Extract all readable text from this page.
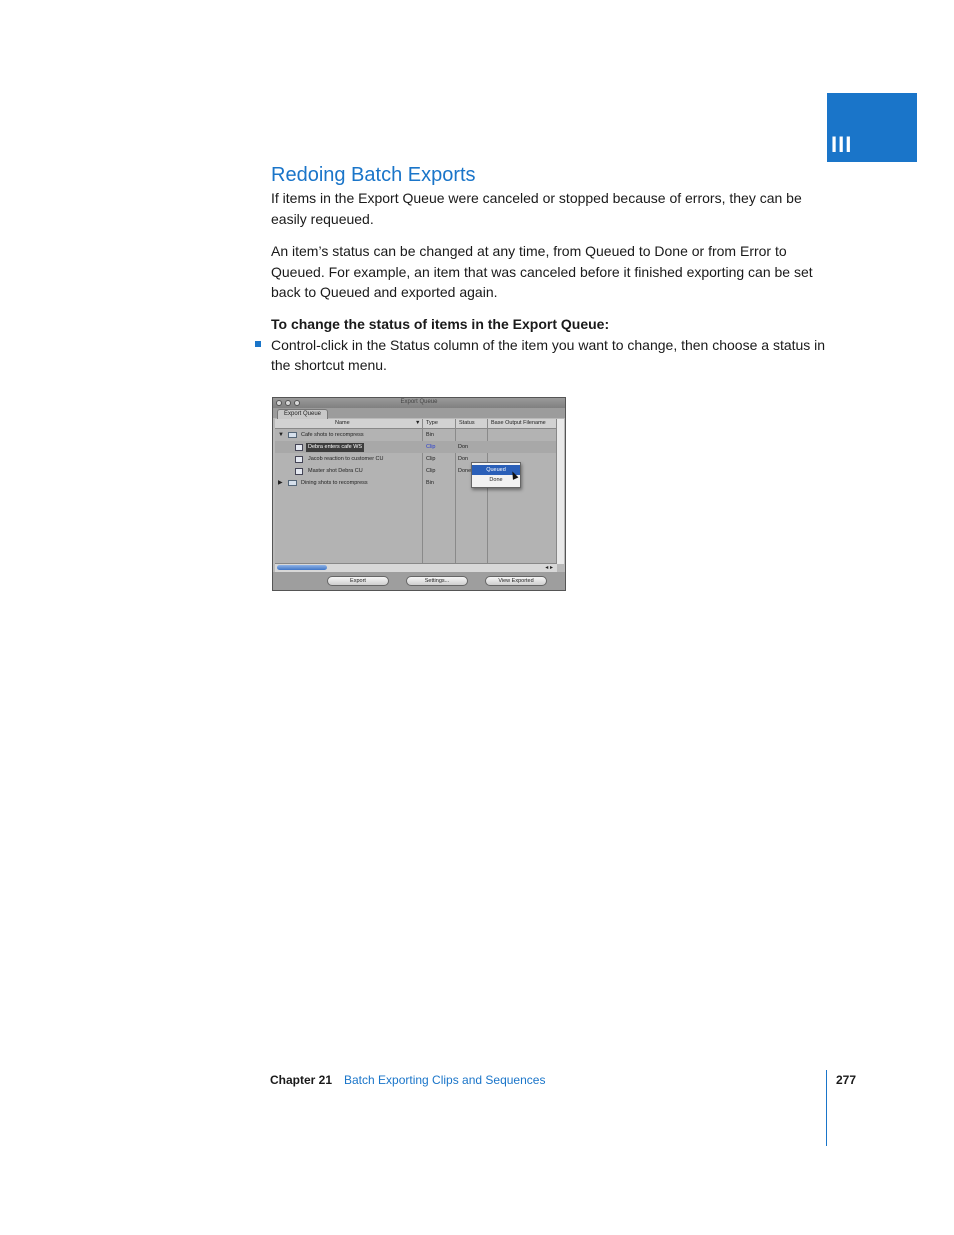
III
Redoing Batch Exports

If items in the Export Queue were canceled or stopped because of errors, they can be easily requeued.

An item’s status can be changed at any time, from Queued to Done or from Error to Queued. For example, an item that was canceled before it finished exporting can be set back to Queued and exported again.

To change the status of items in the Export Queue:

Control-click in the Status column of the item you want to change, then choose a status in the shortcut menu.

Export Queue
Export Queue
Name	▼ Type	Status	Base Output Filename
▼	Cafe shots to recompress	Bin
Debra enters cafe WS	Clip	Don
Jacob reaction to customer CU	Clip	Don
Master shot Debra CU	Clip	Done
▶	Dining shots to recompress	Bin
Queued
Done
◂ ▸
Export	Settings...	View Exported
Chapter 21 Batch Exporting Clips and Sequences	277
